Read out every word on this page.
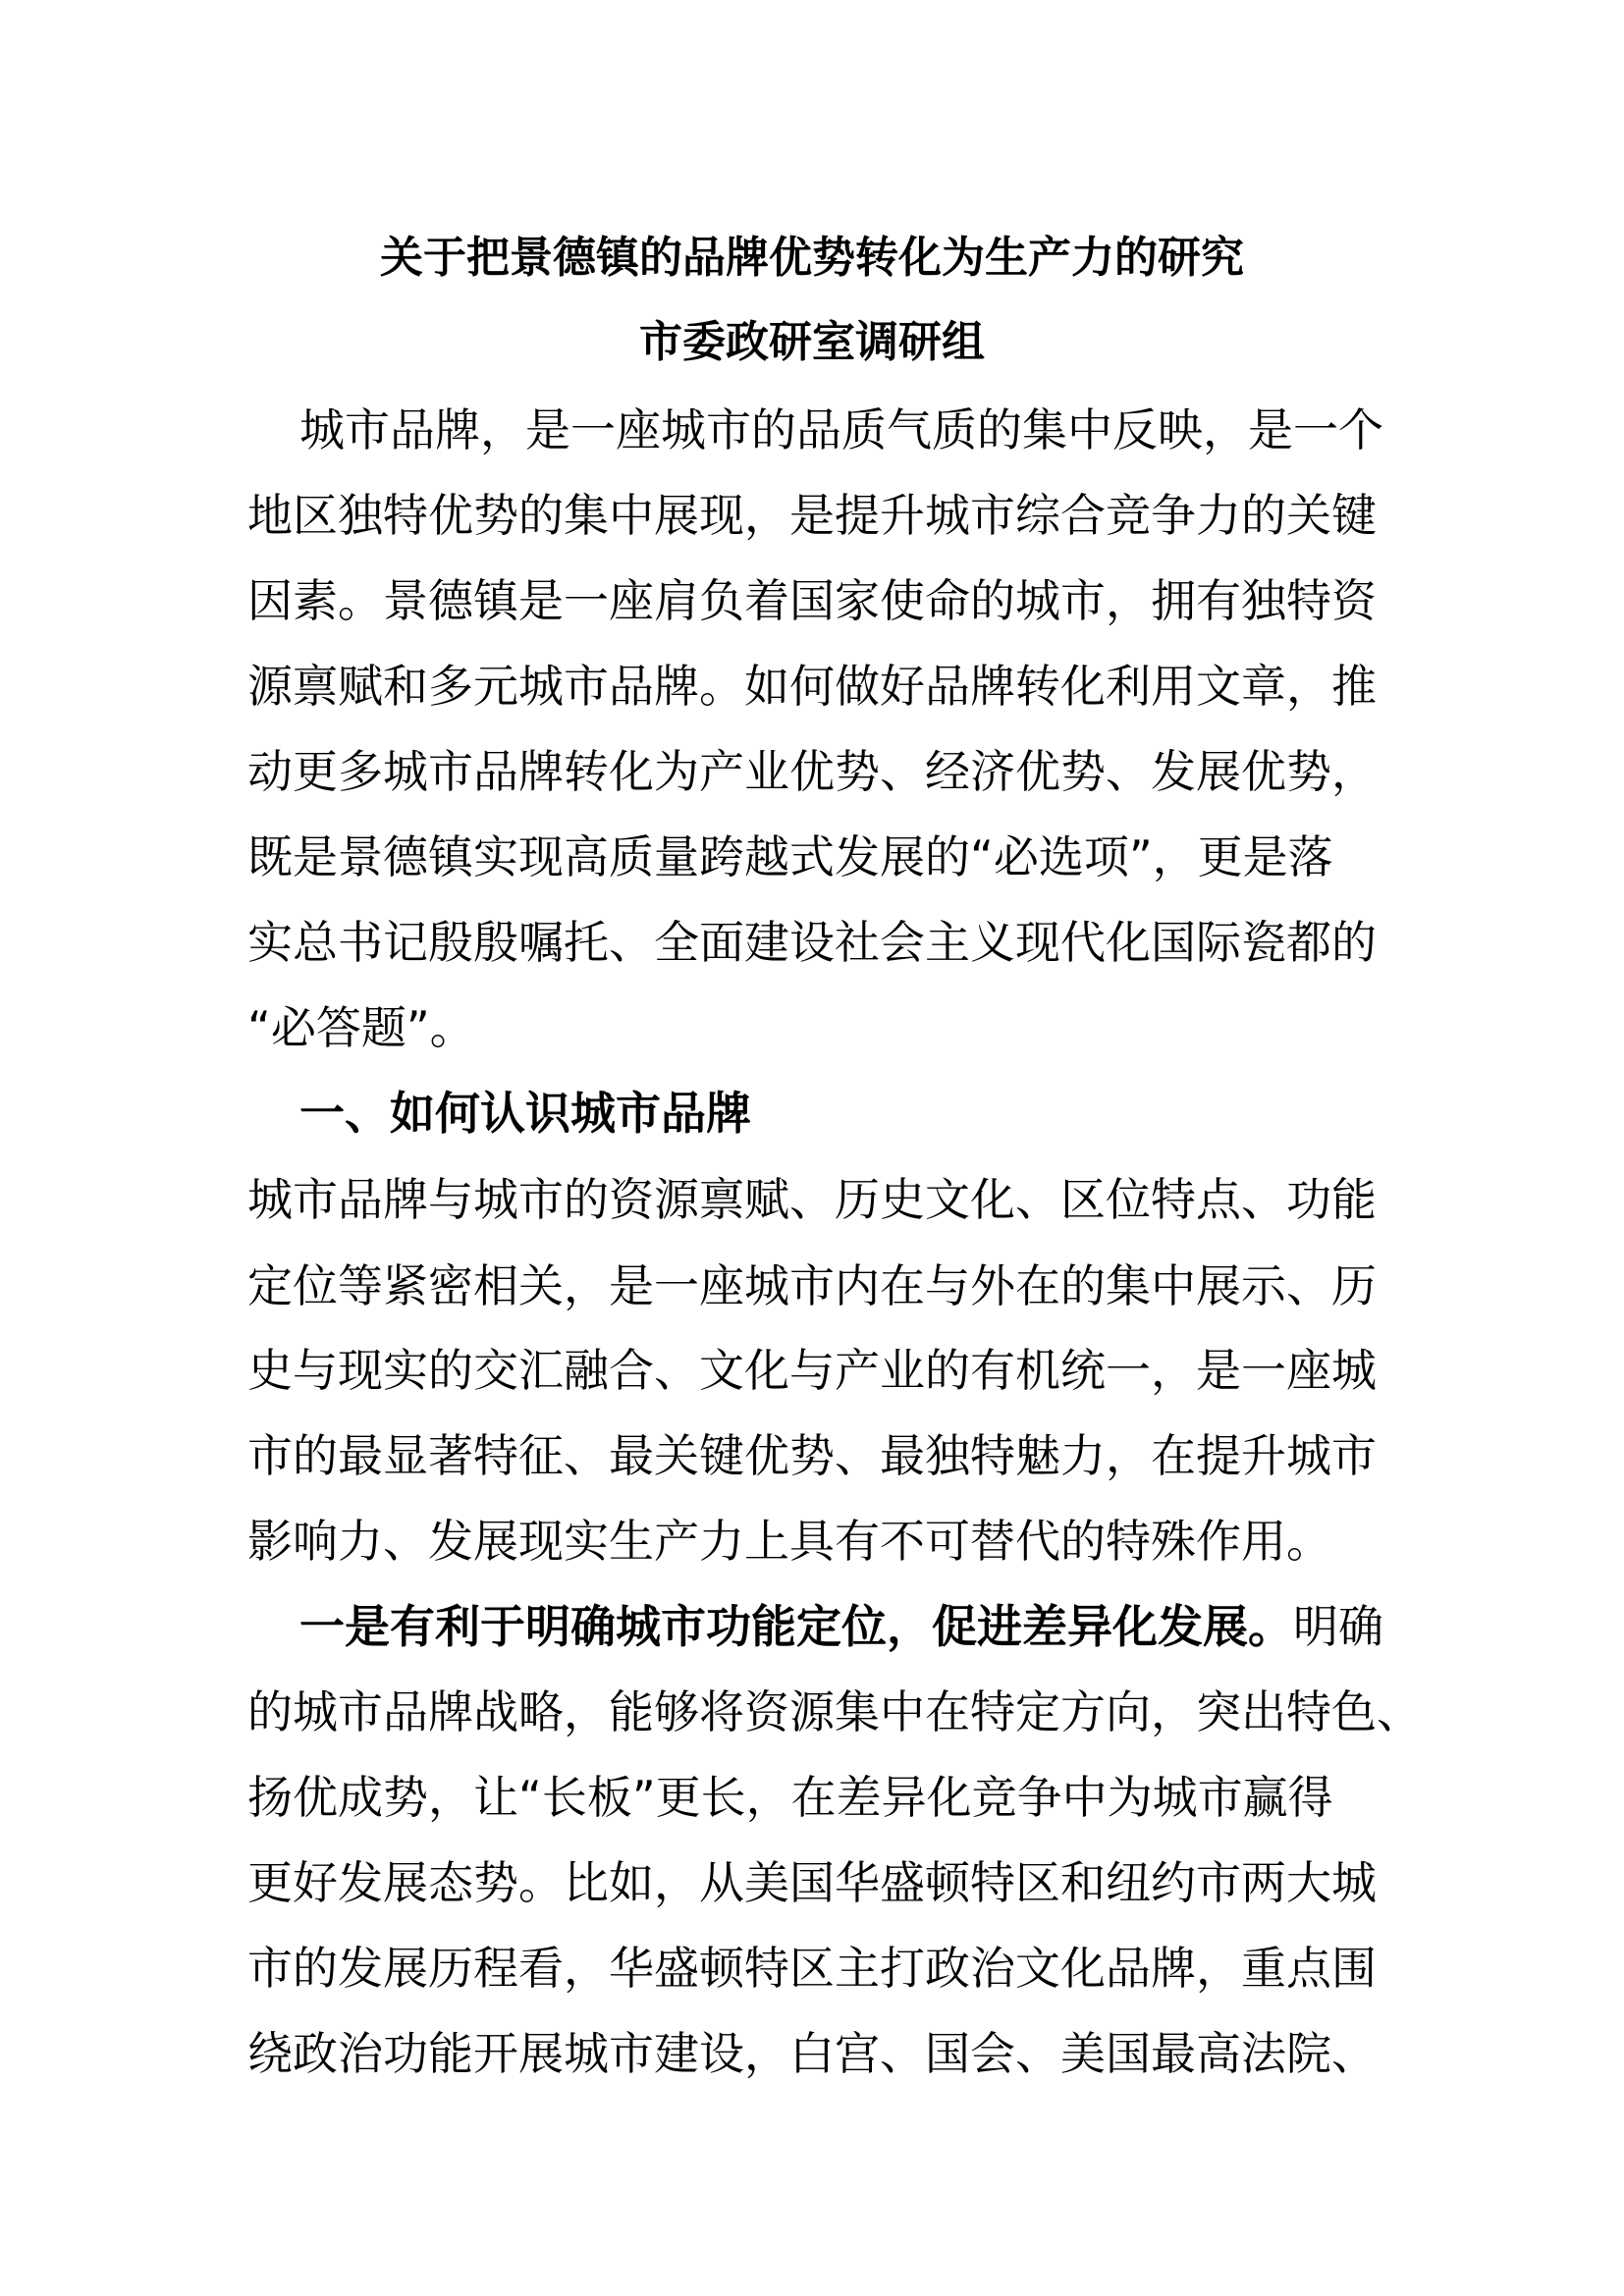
关于把景德镇的品牌优势转化为生产力的研究
市委政研室调研组
城市品牌，是一座城市的品质气质的集中反映，是一个
地区独特优势的集中展现，是提升城市综合竞争力的关键
因素。景德镇是一座肩负着国家使命的城市，拥有独特资
源禀赋和多元城市品牌。如何做好品牌转化利用文章，推
动更多城市品牌转化为产业优势、经济优势、发展优势，
既是景德镇实现高质量跨越式发展的“必选项”，更是落
实总书记殷殷嘱托、全面建设社会主义现代化国际瓷都的
“必答题”。
一、如何认识城市品牌
城市品牌与城市的资源禀赋、历史文化、区位特点、功能
定位等紧密相关，是一座城市内在与外在的集中展示、历
史与现实的交汇融合、文化与产业的有机统一，是一座城
市的最显著特征、最关键优势、最独特魅力，在提升城市
影响力、发展现实生产力上具有不可替代的特殊作用。
一是有利于明确城市功能定位，促进差异化发展。明确
的城市品牌战略，能够将资源集中在特定方向，突出特色、
扬优成势，让“长板”更长，在差异化竞争中为城市赢得
更好发展态势。比如，从美国华盛顿特区和纽约市两大城
市的发展历程看，华盛顿特区主打政治文化品牌，重点围
绕政治功能开展城市建设，白宫、国会、美国最高法院、
